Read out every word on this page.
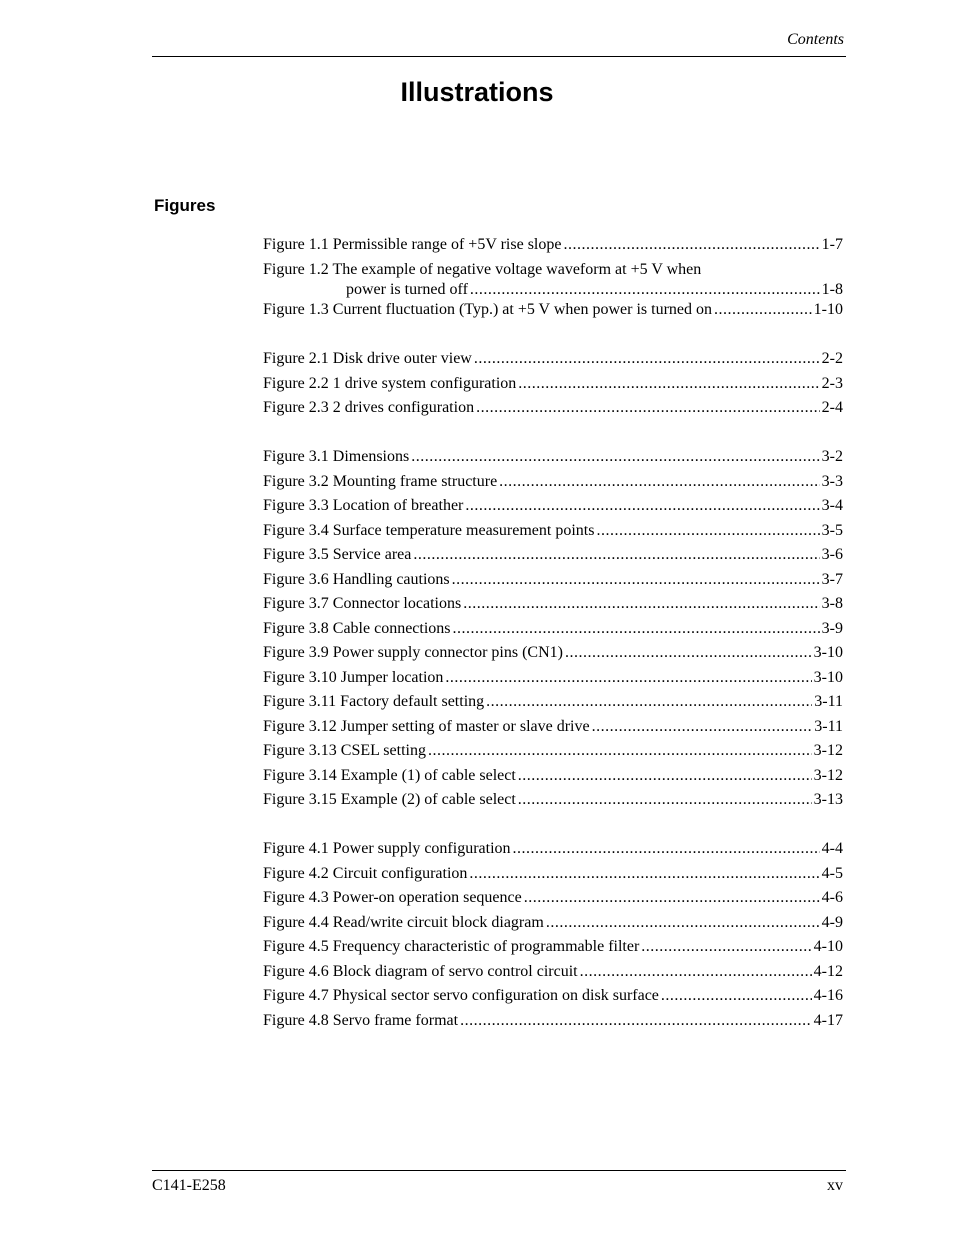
Contents
Illustrations
Figures
Figure 1.1 Permissible range of +5V rise slope .....	1-7
Figure 1.2 The example of negative voltage waveform at +5 V when
power is turned off .....	1-8
Figure 1.3 Current fluctuation (Typ.) at +5 V when power is turned on .....	1-10
Figure 2.1 Disk drive outer view .....	2-2
Figure 2.2 1 drive system configuration .....	2-3
Figure 2.3 2 drives configuration .....	2-4
Figure 3.1 Dimensions .....	3-2
Figure 3.2 Mounting frame structure .....	3-3
Figure 3.3 Location of breather .....	3-4
Figure 3.4 Surface temperature measurement points .....	3-5
Figure 3.5 Service area .....	3-6
Figure 3.6 Handling cautions .....	3-7
Figure 3.7 Connector locations .....	3-8
Figure 3.8 Cable connections .....	3-9
Figure 3.9 Power supply connector pins (CN1) .....	3-10
Figure 3.10 Jumper location .....	3-10
Figure 3.11 Factory default setting .....	3-11
Figure 3.12 Jumper setting of master or slave drive .....	3-11
Figure 3.13 CSEL setting .....	3-12
Figure 3.14 Example (1) of cable select .....	3-12
Figure 3.15 Example (2) of cable select .....	3-13
Figure 4.1 Power supply configuration .....	4-4
Figure 4.2 Circuit configuration .....	4-5
Figure 4.3 Power-on operation sequence .....	4-6
Figure 4.4 Read/write circuit block diagram .....	4-9
Figure 4.5 Frequency characteristic of programmable filter .....	4-10
Figure 4.6 Block diagram of servo control circuit .....	4-12
Figure 4.7 Physical sector servo configuration on disk surface .....	4-16
Figure 4.8 Servo frame format .....	4-17
C141-E258	xv
